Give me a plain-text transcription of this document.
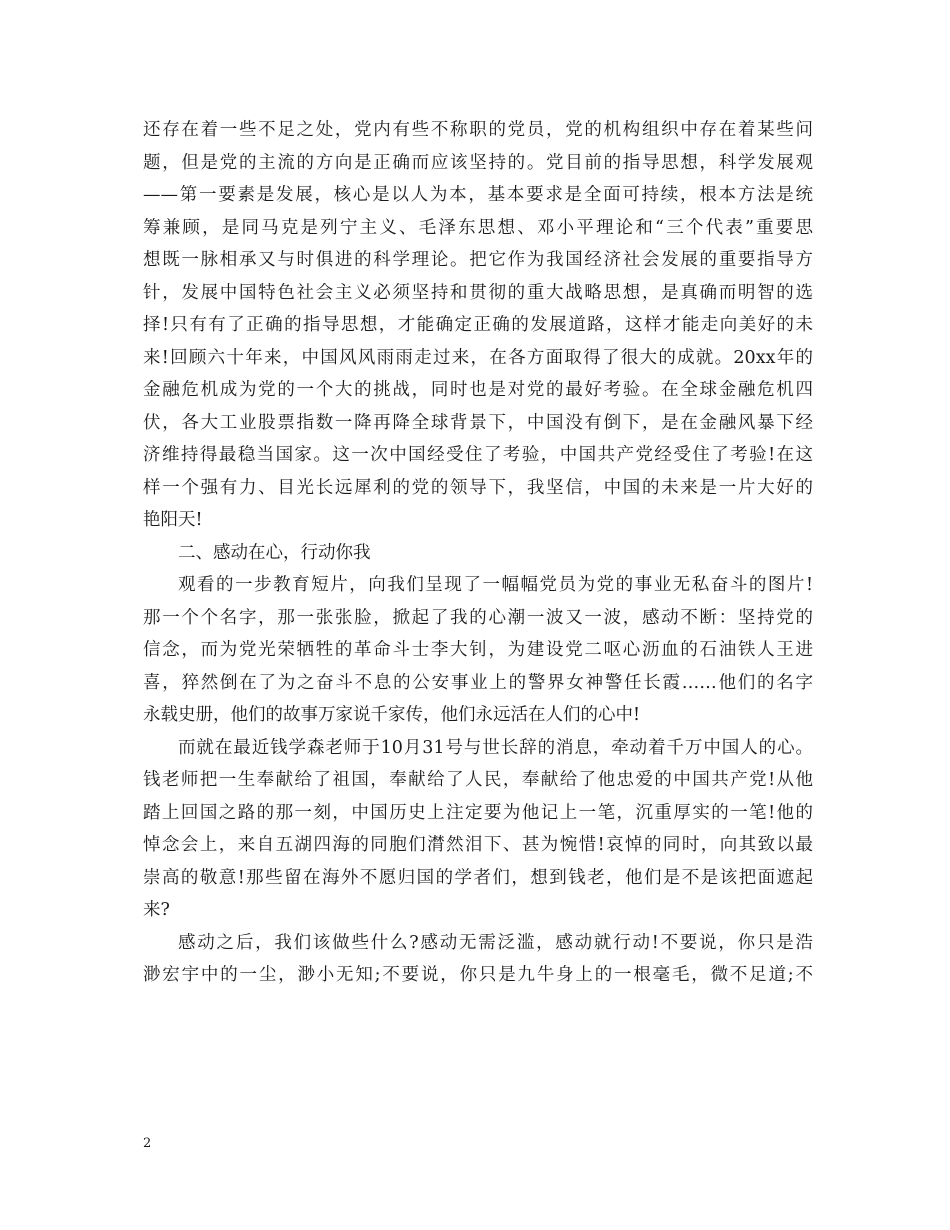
还存在着一些不足之处，党内有些不称职的党员，党的机构组织中存在着某些问
题，但是党的主流的方向是正确而应该坚持的。党目前的指导思想，科学发展观
——第一要素是发展，核心是以人为本，基本要求是全面可持续，根本方法是统
筹兼顾，是同马克是列宁主义、毛泽东思想、邓小平理论和“三个代表”重要思
想既一脉相承又与时俱进的科学理论。把它作为我国经济社会发展的重要指导方
针，发展中国特色社会主义必须坚持和贯彻的重大战略思想，是真确而明智的选
择!只有有了正确的指导思想，才能确定正确的发展道路，这样才能走向美好的未
来!回顾六十年来，中国风风雨雨走过来，在各方面取得了很大的成就。20xx年的
金融危机成为党的一个大的挑战，同时也是对党的最好考验。在全球金融危机四
伏，各大工业股票指数一降再降全球背景下，中国没有倒下，是在金融风暴下经
济维持得最稳当国家。这一次中国经受住了考验，中国共产党经受住了考验!在这
样一个强有力、目光长远犀利的党的领导下，我坚信，中国的未来是一片大好的
艳阳天!
二、感动在心，行动你我
观看的一步教育短片，向我们呈现了一幅幅党员为党的事业无私奋斗的图片!
那一个个名字，那一张张脸，掀起了我的心潮一波又一波，感动不断：坚持党的
信念，而为党光荣牺牲的革命斗士李大钊，为建设党二呕心沥血的石油铁人王进
喜，猝然倒在了为之奋斗不息的公安事业上的警界女神警任长霞……他们的名字
永载史册，他们的故事万家说千家传，他们永远活在人们的心中!
而就在最近钱学森老师于10月31号与世长辞的消息，牵动着千万中国人的心。
钱老师把一生奉献给了祖国，奉献给了人民，奉献给了他忠爱的中国共产党!从他
踏上回国之路的那一刻，中国历史上注定要为他记上一笔，沉重厚实的一笔!他的
悼念会上，来自五湖四海的同胞们潸然泪下、甚为惋惜!哀悼的同时，向其致以最
崇高的敬意!那些留在海外不愿归国的学者们，想到钱老，他们是不是该把面遮起
来?
感动之后，我们该做些什么?感动无需泛滥，感动就行动!不要说，你只是浩
渺宏宇中的一尘，渺小无知;不要说，你只是九牛身上的一根毫毛，微不足道;不
2
